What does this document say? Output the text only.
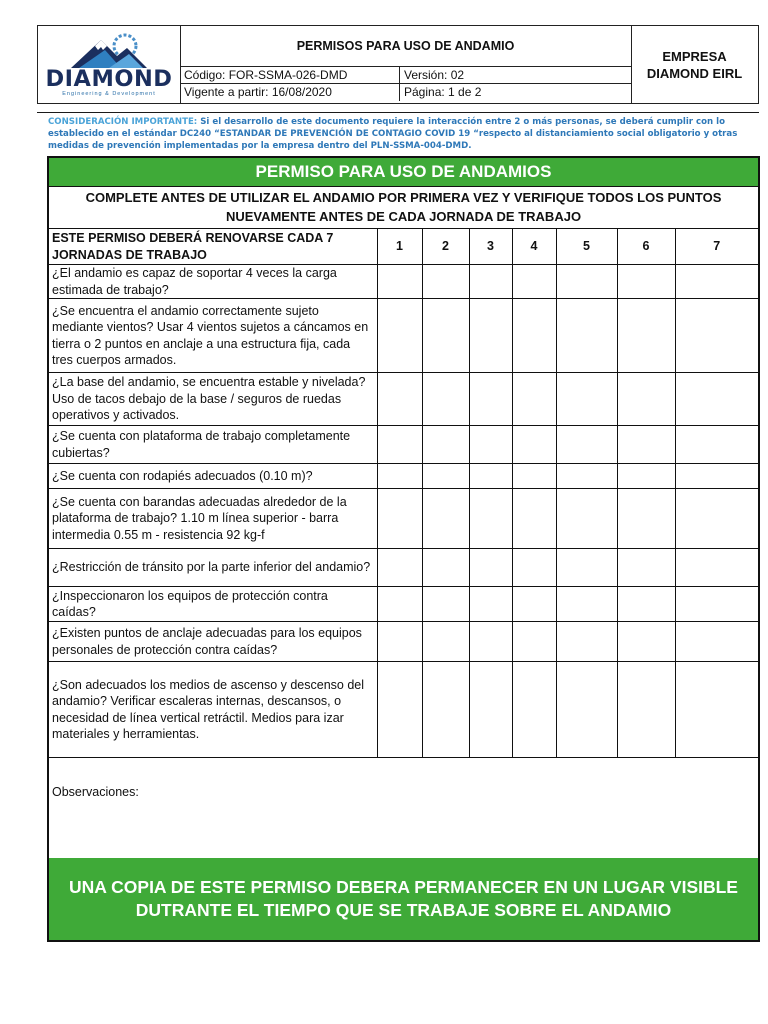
DIAMOND
Engineering & Development
PERMISOS PARA USO DE ANDAMIO
Código: FOR-SSMA-026-DMD	Versión: 02
Vigente a partir: 16/08/2020	Página: 1 de 2
EMPRESA
DIAMOND EIRL
CONSIDERACIÓN IMPORTANTE: Si el desarrollo de este documento requiere la interacción entre 2 o más personas, se deberá cumplir con lo establecido en el estándar DC240 “ESTANDAR DE PREVENCIÓN DE CONTAGIO COVID 19 “respecto al distanciamiento social obligatorio y otras medidas de prevención implementadas por la empresa dentro del PLN-SSMA-004-DMD.
PERMISO PARA USO DE ANDAMIOS
COMPLETE ANTES DE UTILIZAR EL ANDAMIO POR PRIMERA VEZ Y VERIFIQUE TODOS LOS PUNTOS NUEVAMENTE ANTES DE CADA JORNADA DE TRABAJO
ESTE PERMISO DEBERÁ RENOVARSE CADA 7 JORNADAS DE TRABAJO	1	2	3	4	5	6	7
¿El andamio es capaz de soportar 4 veces la carga estimada de trabajo?							
¿Se encuentra el andamio correctamente sujeto mediante vientos? Usar 4 vientos sujetos a cáncamos en tierra o 2 puntos en anclaje a una estructura fija, cada tres cuerpos armados.							
¿La base del andamio, se encuentra estable y nivelada? Uso de tacos debajo de la base / seguros de ruedas operativos y activados.							
¿Se cuenta con plataforma de trabajo completamente cubiertas?							
¿Se cuenta con rodapiés adecuados (0.10 m)?							
¿Se cuenta con barandas adecuadas alrededor de la plataforma de trabajo? 1.10 m línea superior - barra intermedia 0.55 m - resistencia 92 kg-f							
¿Restricción de tránsito por la parte inferior del andamio?							
¿Inspeccionaron los equipos de protección contra caídas?							
¿Existen puntos de anclaje adecuadas para los equipos personales de protección contra caídas?							
¿Son adecuados los medios de ascenso y descenso del andamio? Verificar escaleras internas, descansos, o necesidad de línea vertical retráctil. Medios para izar materiales y herramientas.							
Observaciones:
UNA COPIA DE ESTE PERMISO DEBERA PERMANECER EN UN LUGAR VISIBLE DUTRANTE EL TIEMPO QUE SE TRABAJE SOBRE EL ANDAMIO
